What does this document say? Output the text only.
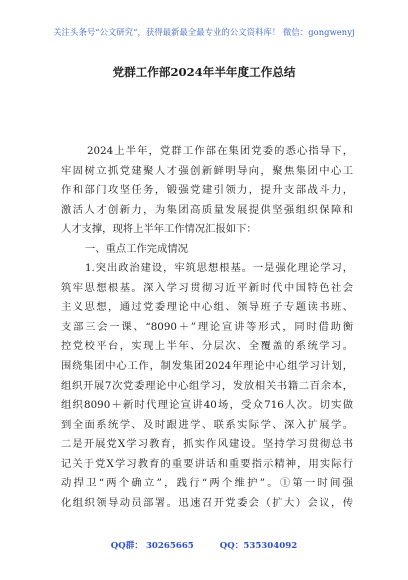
关注头条号“公文研究”，获得最新最全最专业的公文资料库！ 微信：gongwenyj
党群工作部2024年半年度工作总结
2024上半年，党群工作部在集团党委的悉心指导下，
牢固树立抓党建聚人才强创新鲜明导向，聚焦集团中心工
作和部门攻坚任务，锻强党建引领力，提升支部战斗力，
激活人才创新力，为集团高质量发展提供坚强组织保障和
人才支撑，现将上半年工作情况汇报如下：
一、重点工作完成情况
1.突出政治建设，牢筑思想根基。一是强化理论学习，
筑牢思想根基。深入学习贯彻习近平新时代中国特色社会
主义思想，通过党委理论中心组、领导班子专题读书班、
支部三会一课、“8090＋”理论宣讲等形式，同时借助衡
控党校平台，实现上半年、分层次、全覆盖的系统学习。
围绕集团中心工作，制发集团2024年理论中心组学习计划，
组织开展7次党委理论中心组学习，发放相关书籍二百余本，
组织8090＋新时代理论宣讲40场，受众716人次。切实做
到全面系统学、及时跟进学、联系实际学、深入扩展学。
二是开展党X学习教育，抓实作风建设。坚持学习贯彻总书
记关于党X学习教育的重要讲话和重要指示精神，用实际行
动捍卫“两个确立”，践行“两个维护”。①第一时间强
化组织领导动员部署。迅速召开党委会（扩大）会议，传
QQ群： 30265665	QQ：535304092
